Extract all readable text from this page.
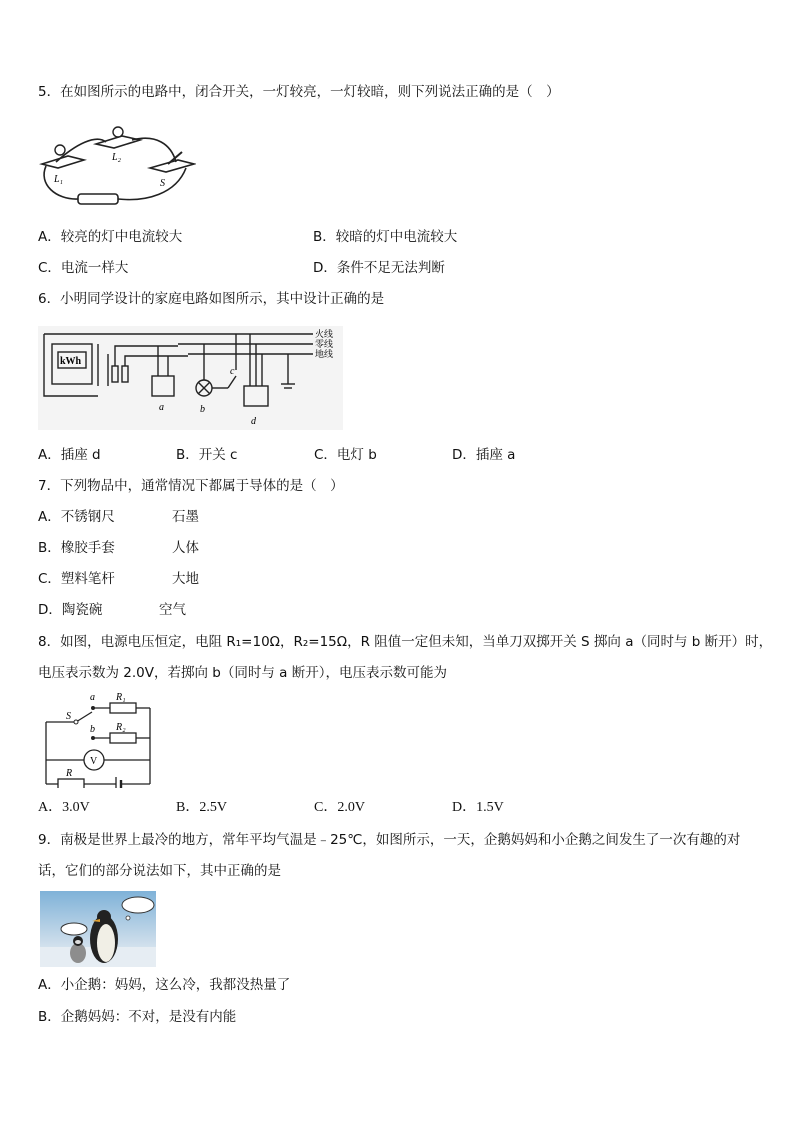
5．在如图所示的电路中，闭合开关，一灯较亮，一灯较暗，则下列说法正确的是（　）
L₁
L₂
S
A．较亮的灯中电流较大	B．较暗的灯中电流较大
C．电流一样大	D．条件不足无法判断
6．小明同学设计的家庭电路如图所示，其中设计正确的是
kWh
火线
零线
地线
a	b
c
d
A．插座 d	B．开关 c	C．电灯 b	D．插座 a
7．下列物品中，通常情况下都属于导体的是（　）
A．不锈钢尺	石墨
B．橡胶手套	人体
C．塑料笔杆	大地
D．陶瓷碗	空气
8．如图，电源电压恒定，电阻 R₁=10Ω，R₂=15Ω，R 阻值一定但未知，当单刀双掷开关 S 掷向 a（同时与 b 断开）时，
电压表示数为 2.0V，若掷向 b（同时与 a 断开），电压表示数可能为
a
b
S
R₁
R₂
R
V
A．3.0V	B．2.5V	C．2.0V	D．1.5V
9．南极是世界上最冷的地方，常年平均气温是﹣25℃，如图所示，一天，企鹅妈妈和小企鹅之间发生了一次有趣的对
话，它们的部分说法如下，其中正确的是
A．小企鹅：妈妈，这么冷，我都没热量了
B．企鹅妈妈：不对，是没有内能
